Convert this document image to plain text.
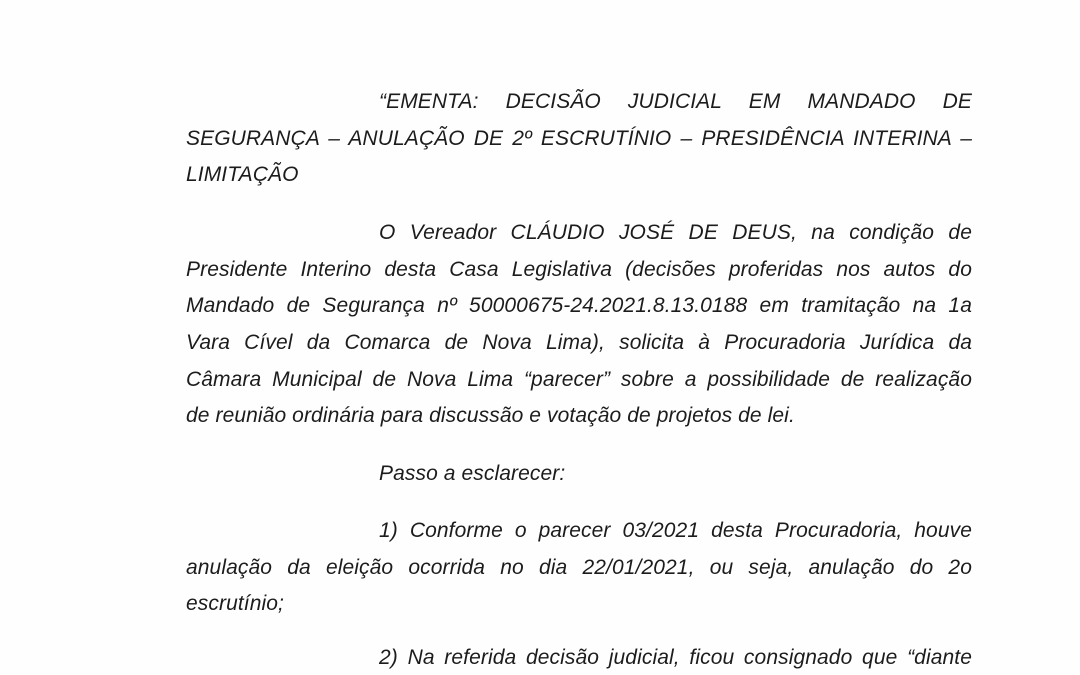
“EMENTA: DECISÃO JUDICIAL EM MANDADO DE
SEGURANÇA – ANULAÇÃO DE 2º ESCRUTÍNIO – PRESIDÊNCIA INTERINA –
LIMITAÇÃO
O Vereador CLÁUDIO JOSÉ DE DEUS, na condição de
Presidente Interino desta Casa Legislativa (decisões proferidas nos autos do
Mandado de Segurança nº 50000675-24.2021.8.13.0188 em tramitação na 1a
Vara Cível da Comarca de Nova Lima), solicita à Procuradoria Jurídica da
Câmara Municipal de Nova Lima “parecer” sobre a possibilidade de realização
de reunião ordinária para discussão e votação de projetos de lei.
Passo a esclarecer:
1) Conforme o parecer 03/2021 desta Procuradoria, houve
anulação da eleição ocorrida no dia 22/01/2021, ou seja, anulação do 2o
escrutínio;
2) Na referida decisão judicial, ficou consignado que “diante
